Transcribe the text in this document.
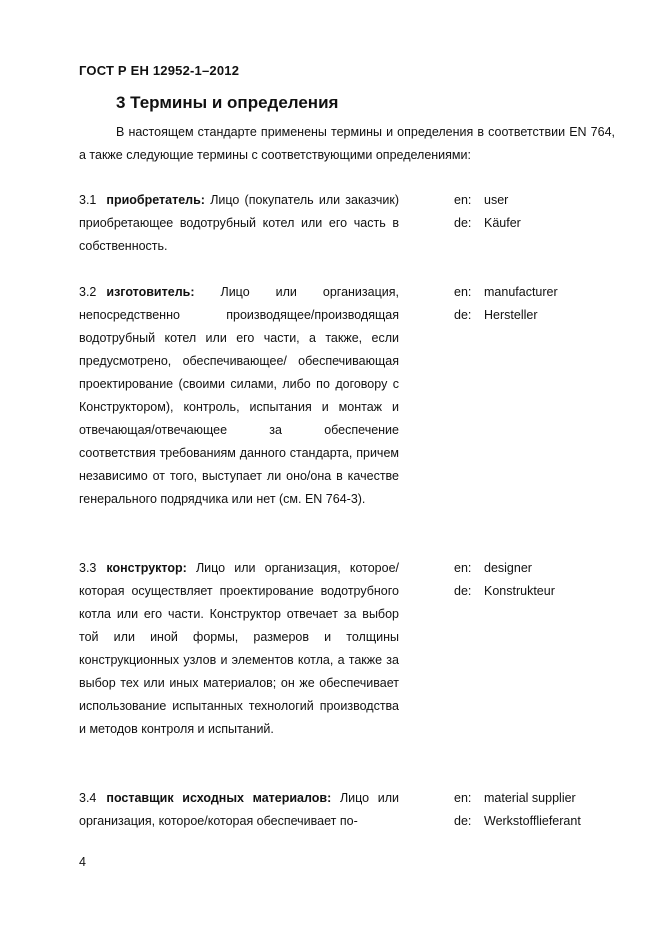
ГОСТ Р ЕН 12952-1–2012
3 Термины и определения

В настоящем стандарте применены термины и определения в соответствии EN 764, а также следующие термины с соответствующими определениями:

3.1 приобретатель: Лицо (покупатель или заказчик) приобретающее водотрубный котел или его часть в собственность.

en: user
de: Käufer

3.2 изготовитель: Лицо или организация, непосредственно производящее/производящая водотрубный котел или его части, а также, если предусмотрено, обеспечивающее/ обеспечивающая проектирование (своими силами, либо по договору с Конструктором), контроль, испытания и монтаж и отвечающая/отвечающее за обеспечение соответствия требованиям данного стандарта, причем независимо от того, выступает ли оно/она в качестве генерального подрядчика или нет (см. EN 764-3).

en: manufacturer
de: Hersteller

3.3 конструктор: Лицо или организация, которое/которая осуществляет проектирование водотрубного котла или его части. Конструктор отвечает за выбор той или иной формы, размеров и толщины конструкционных узлов и элементов котла, а также за выбор тех или иных материалов; он же обеспечивает использование испытанных технологий производства и методов контроля и испытаний.

en: designer
de: Konstrukteur

3.4 поставщик исходных материалов: Лицо или организация, которое/которая обеспечивает по-

en: material supplier
de: Werkstofflieferant
4
